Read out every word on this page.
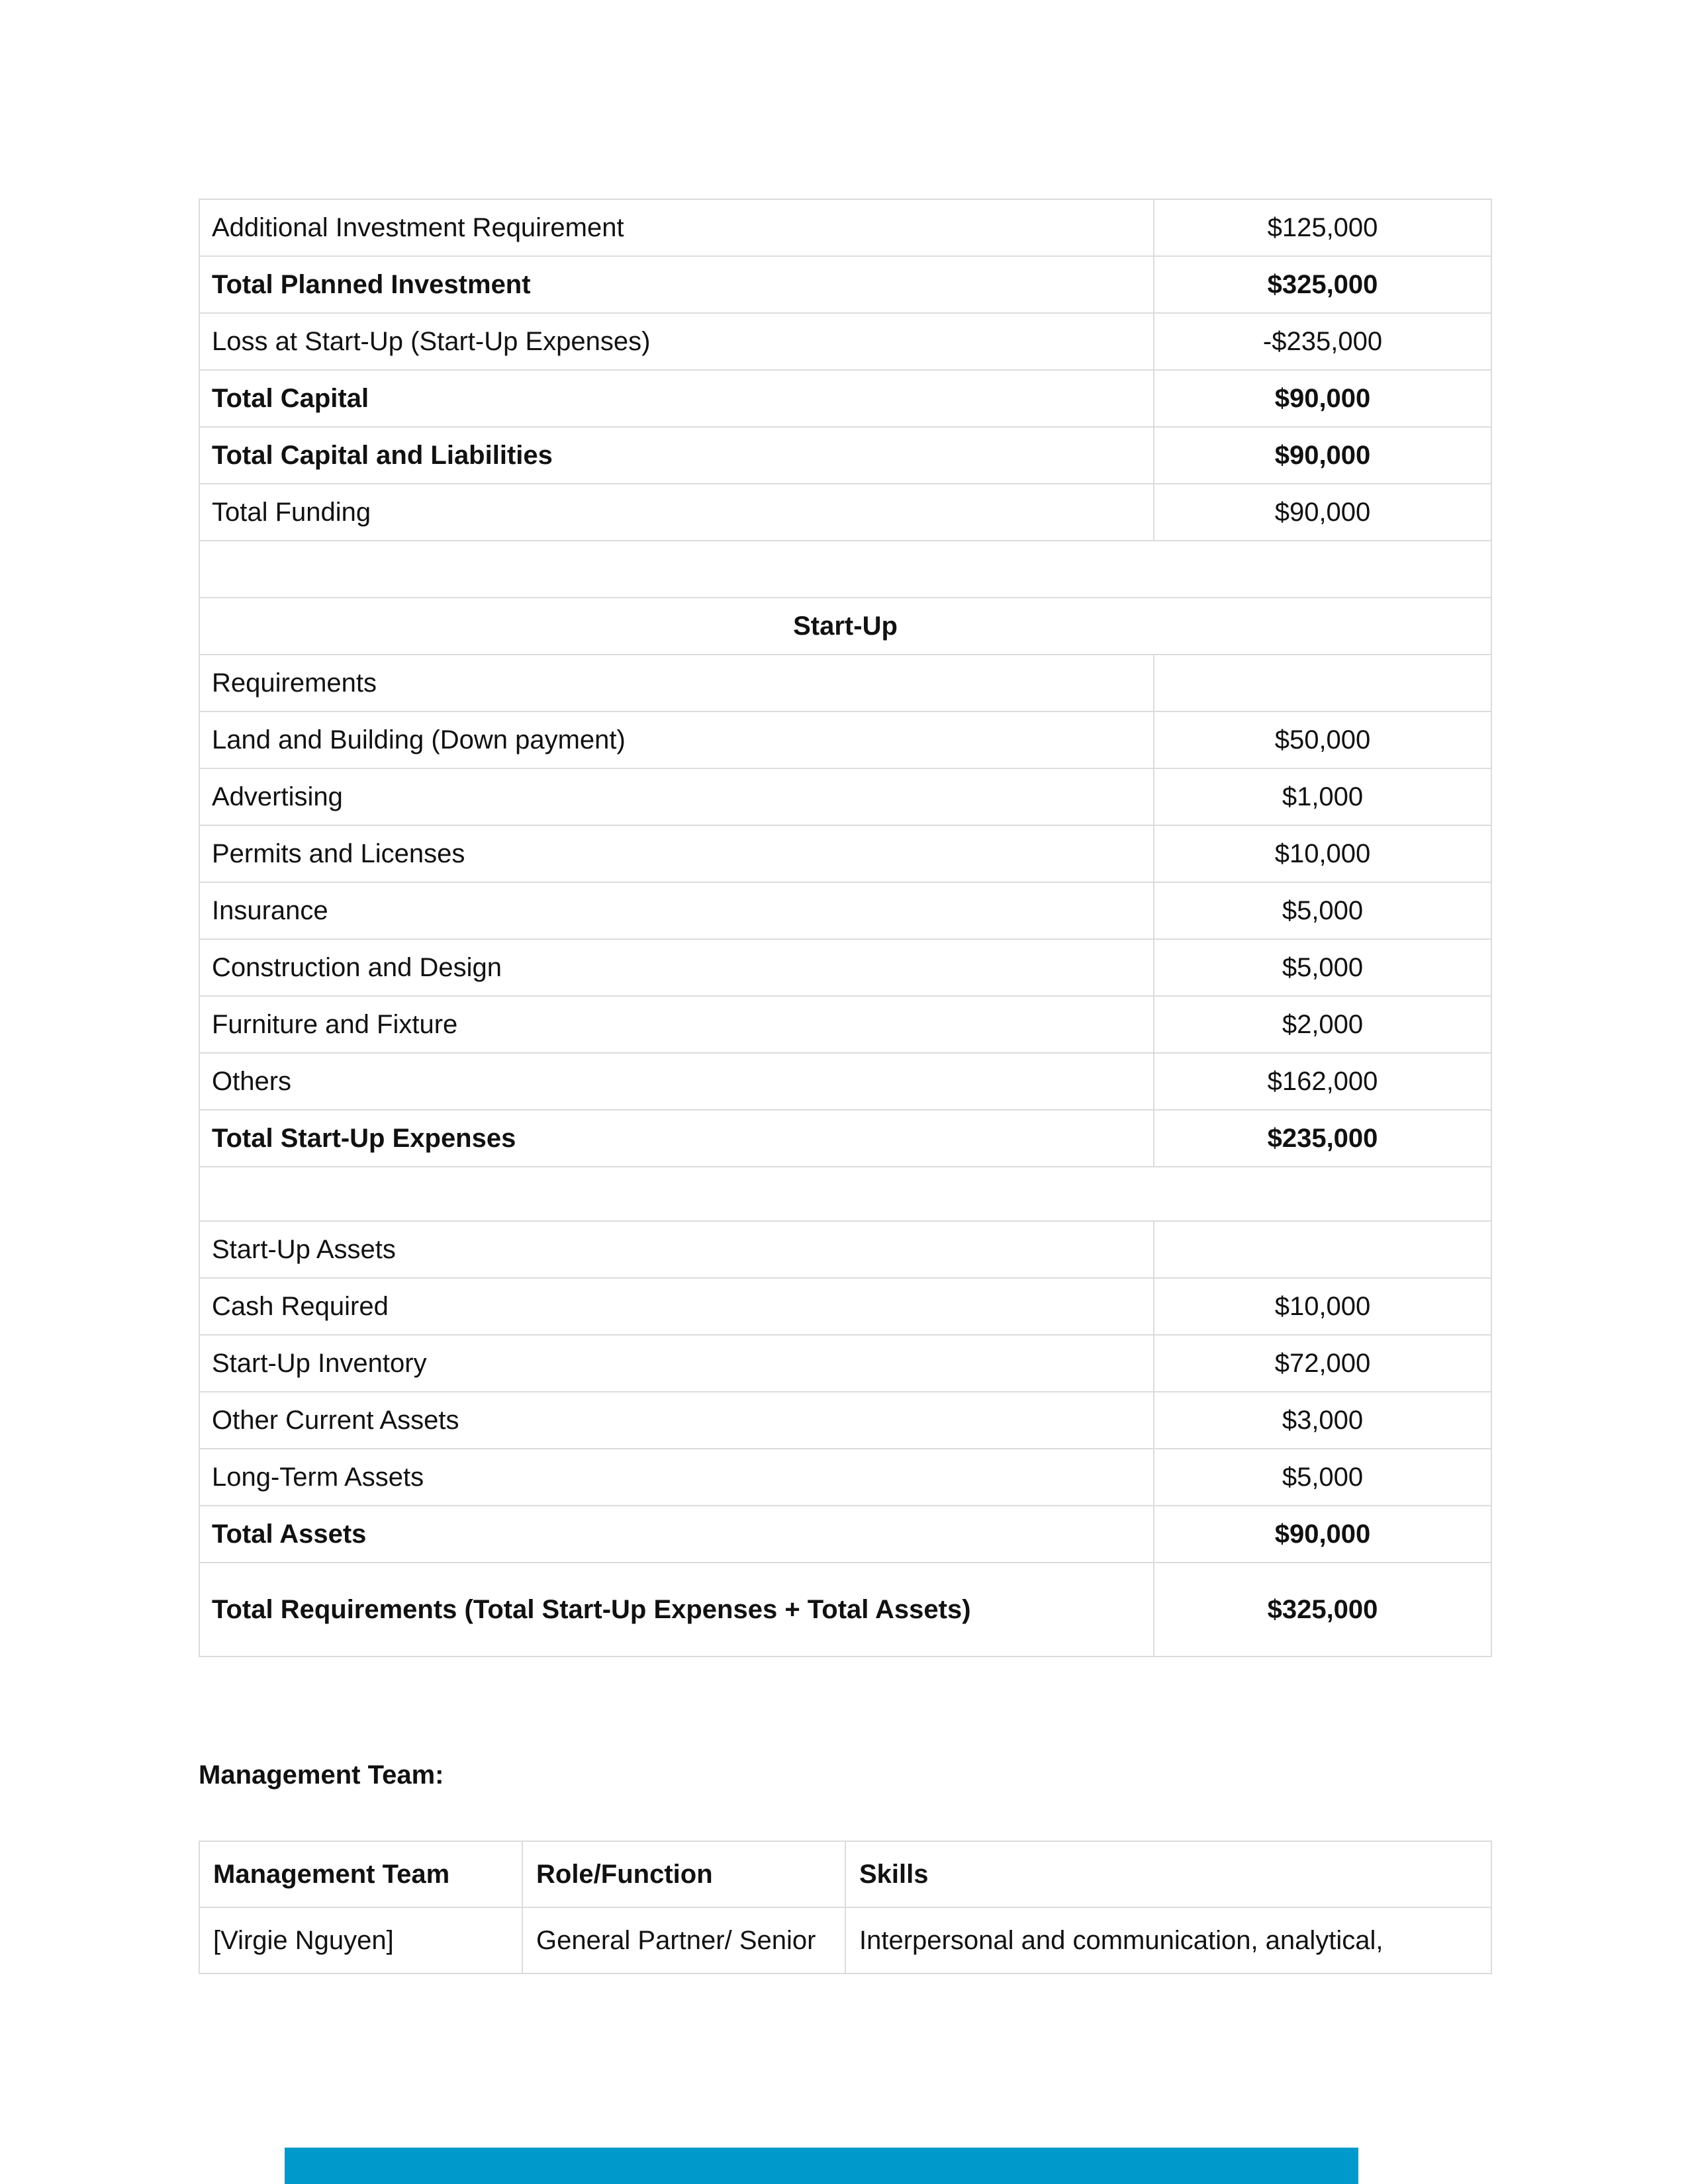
Additional Investment Requirement	$125,000
Total Planned Investment	$325,000
Loss at Start-Up (Start-Up Expenses)	-$235,000
Total Capital	$90,000
Total Capital and Liabilities	$90,000
Total Funding	$90,000

Start-Up	
Requirements	
Land and Building (Down payment)	$50,000
Advertising	$1,000
Permits and Licenses	$10,000
Insurance	$5,000
Construction and Design	$5,000
Furniture and Fixture	$2,000
Others	$162,000
Total Start-Up Expenses	$235,000

Start-Up Assets	
Cash Required	$10,000
Start-Up Inventory	$72,000
Other Current Assets	$3,000
Long-Term Assets	$5,000
Total Assets	$90,000
Total Requirements (Total Start-Up Expenses + Total Assets)	$325,000

Management Team:

Management Team	Role/Function	Skills
[Virgie Nguyen]	General Partner/ Senior	Interpersonal and communication, analytical,
